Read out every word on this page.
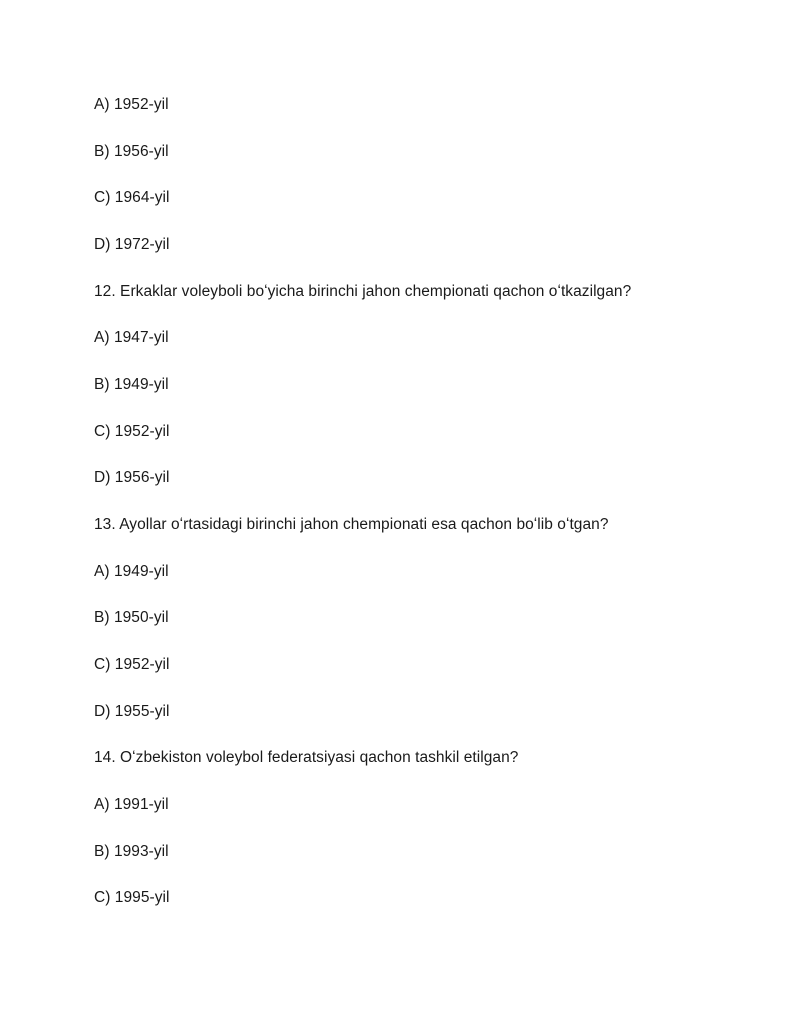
A) 1952-yil
B) 1956-yil
C) 1964-yil
D) 1972-yil
12. Erkaklar voleyboli boʻyicha birinchi jahon chempionati qachon oʻtkazilgan?
A) 1947-yil
B) 1949-yil
C) 1952-yil
D) 1956-yil
13. Ayollar oʻrtasidagi birinchi jahon chempionati esa qachon boʻlib oʻtgan?
A) 1949-yil
B) 1950-yil
C) 1952-yil
D) 1955-yil
14. Oʻzbekiston voleybol federatsiyasi qachon tashkil etilgan?
A) 1991-yil
B) 1993-yil
C) 1995-yil
